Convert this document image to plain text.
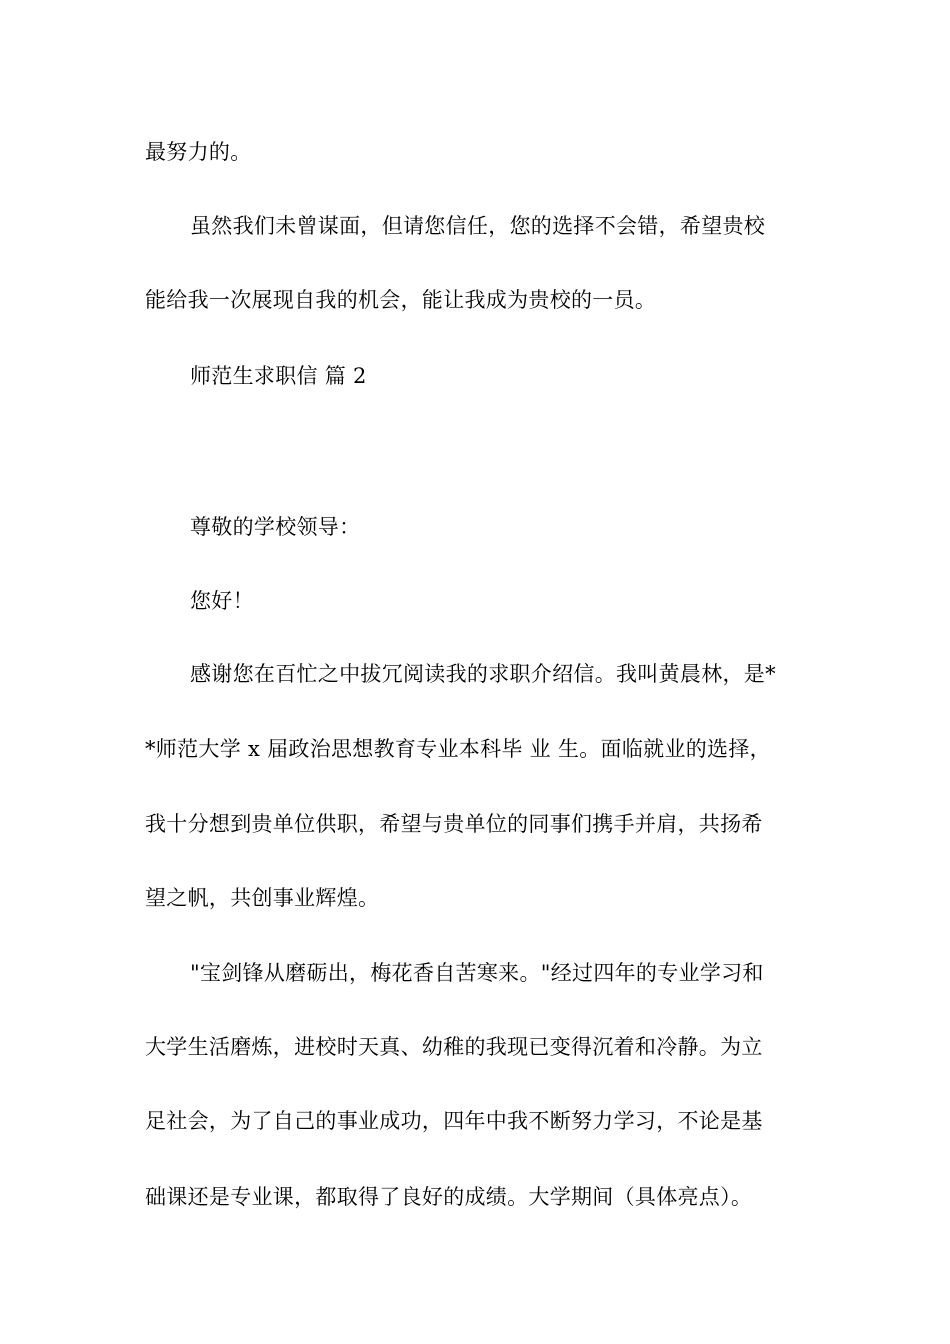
最努力的。
虽然我们未曾谋面，但请您信任，您的选择不会错，希望贵校
能给我一次展现自我的机会，能让我成为贵校的一员。
师范生求职信 篇 2
尊敬的学校领导：
您好！
感谢您在百忙之中拔冗阅读我的求职介绍信。我叫黄晨林，是*
*师范大学 x 届政治思想教育专业本科毕 业 生。面临就业的选择，
我十分想到贵单位供职，希望与贵单位的同事们携手并肩，共扬希
望之帆，共创事业辉煌。
"宝剑锋从磨砺出，梅花香自苦寒来。"经过四年的专业学习和
大学生活磨炼，进校时天真、幼稚的我现已变得沉着和冷静。为立
足社会，为了自己的事业成功，四年中我不断努力学习，不论是基
础课还是专业课，都取得了良好的成绩。大学期间（具体亮点）。
